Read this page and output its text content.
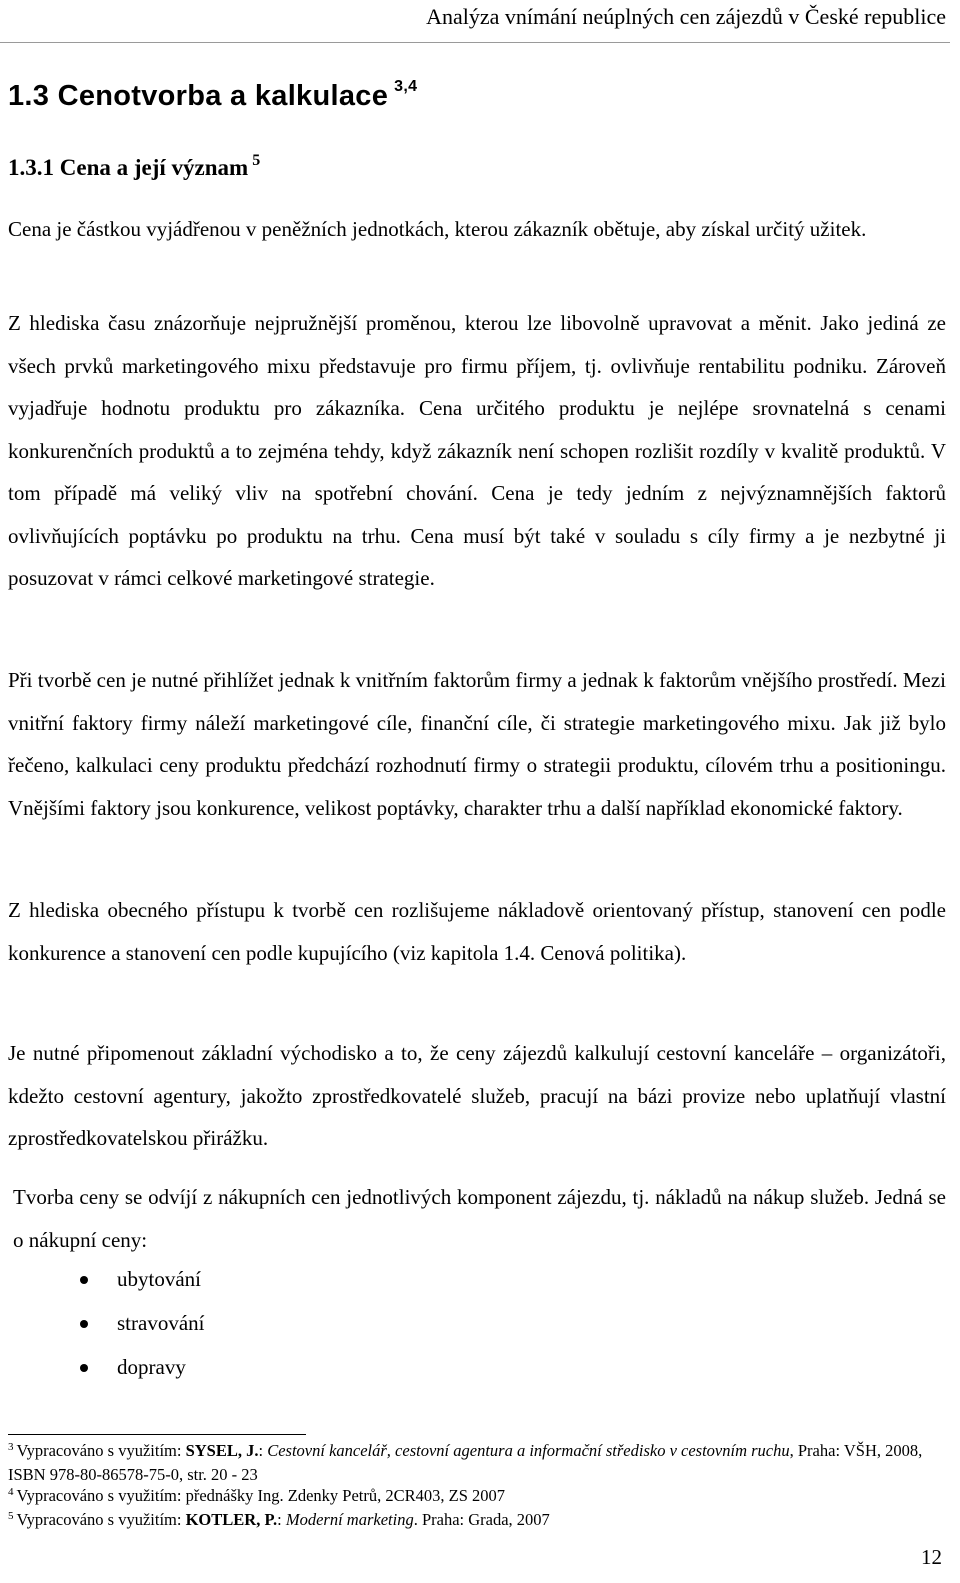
Analýza vnímání neúplných cen zájezdů v České republice
1.3 Cenotvorba a kalkulace $^{3,4}$
1.3.1 Cena a její význam $^5$

Cena je částkou vyjádřenou v peněžních jednotkách, kterou zákazník obětuje, aby získal určitý užitek.

Z hlediska času znázorňuje nejpružnější proměnou, kterou lze libovolně upravovat a měnit. Jako jediná ze všech prvků marketingového mixu představuje pro firmu příjem, tj. ovlivňuje rentabilitu podniku. Zároveň vyjadřuje hodnotu produktu pro zákazníka. Cena určitého produktu je nejlépe srovnatelná s cenami konkurenčních produktů a to zejména tehdy, když zákazník není schopen rozlišit rozdíly v kvalitě produktů. V tom případě má veliký vliv na spotřební chování. Cena je tedy jedním z nejvýznamnějších faktorů ovlivňujících poptávku po produktu na trhu. Cena musí být také v souladu s cíly firmy a je nezbytné ji posuzovat v rámci celkové marketingové strategie.

Při tvorbě cen je nutné přihlížet jednak k vnitřním faktorům firmy a jednak k faktorům vnějšího prostředí. Mezi vnitřní faktory firmy náleží marketingové cíle, finanční cíle, či strategie marketingového mixu. Jak již bylo řečeno, kalkulaci ceny produktu předchází rozhodnutí firmy o strategii produktu, cílovém trhu a positioningu. Vnějšími faktory jsou konkurence, velikost poptávky, charakter trhu a další například ekonomické faktory.

Z hlediska obecného přístupu k tvorbě cen rozlišujeme nákladově orientovaný přístup, stanovení cen podle konkurence a stanovení cen podle kupujícího (viz kapitola 1.4. Cenová politika).

Je nutné připomenout základní východisko a to, že ceny zájezdů kalkulují cestovní kanceláře – organizátoři, kdežto cestovní agentury, jakožto zprostředkovatelé služeb, pracují na bázi provize nebo uplatňují vlastní zprostředkovatelskou přirážku.

Tvorba ceny se odvíjí z nákupních cen jednotlivých komponent zájezdu, tj. nákladů na nákup služeb. Jedná se o nákupní ceny:

ubytování
stravování
dopravy

$^3$ Vypracováno s využitím: SYSEL, J.: Cestovní kancelář, cestovní agentura a informační středisko v cestovním ruchu, Praha: VŠH, 2008, ISBN 978-80-86578-75-0, str. 20 - 23

$^4$ Vypracováno s využitím: přednášky Ing. Zdenky Petrů, 2CR403, ZS 2007

$^5$ Vypracováno s využitím: KOTLER, P.: Moderní marketing. Praha: Grada, 2007

12
